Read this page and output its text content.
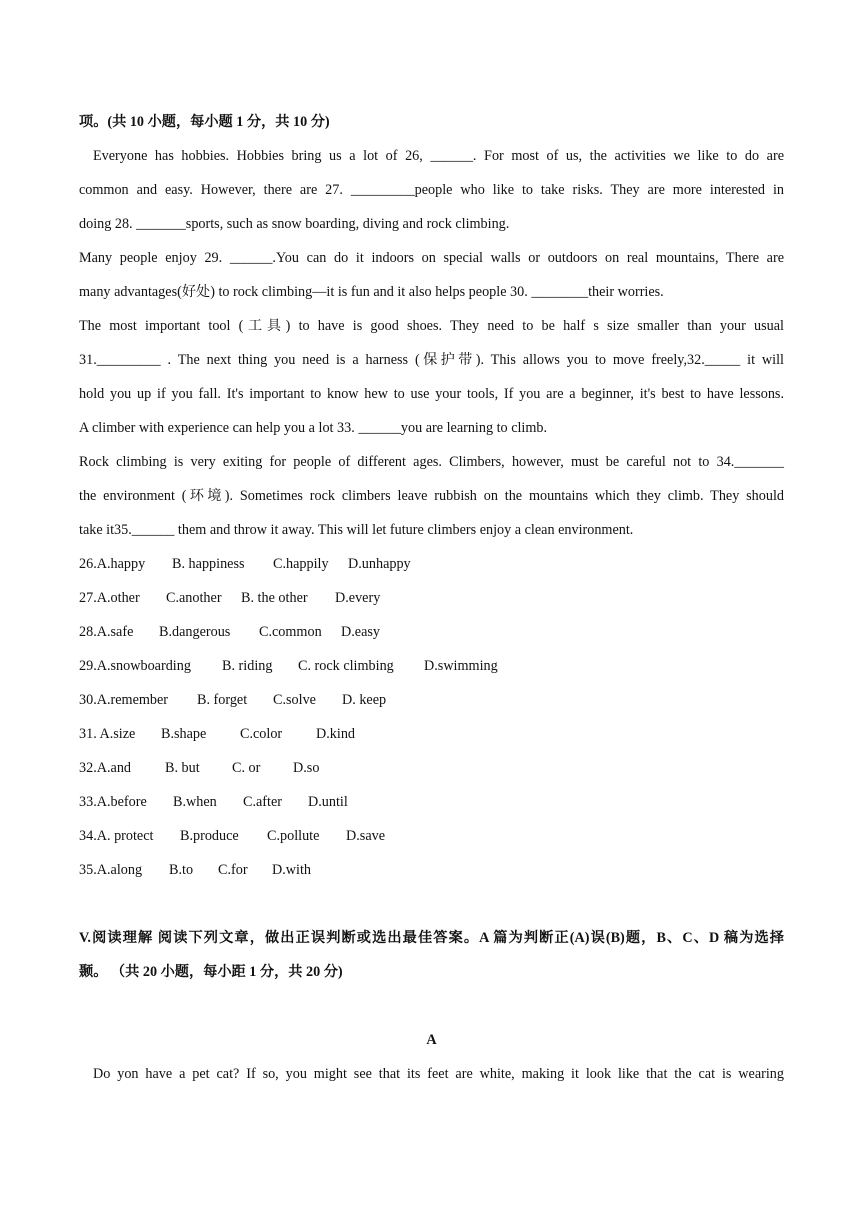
项。(共 10 小题，每小题 1 分，共 10 分)
Everyone has hobbies. Hobbies bring us a lot of 26, ______. For most of us, the activities we like to do are
common and easy. However, there are 27. _________people who like to take risks. They are more interested in
doing 28. _______sports, such as snow boarding, diving and rock climbing.
Many people enjoy 29. ______.You can do it indoors on special walls or outdoors on real mountains, There are
many advantages(好处) to rock climbing—it is fun and it also helps people 30. ________their worries.
The most important tool (工具) to have is good shoes. They need to be half s size smaller than your usual
31._________ . The next thing you need is a harness (保护带). This allows you to move freely,32._____ it will
hold you up if you fall. It's important to know hew to use your tools, If you are a beginner, it's best to have lessons.
A climber with experience can help you a lot 33. ______you are learning to climb.
Rock climbing is very exiting for people of different ages. Climbers, however, must be careful not to 34._______
the environment (环境). Sometimes rock climbers leave rubbish on the mountains which they climb. They should
take it35.______ them and throw it away. This will let future climbers enjoy a clean environment.
26.A.happy B. happiness C.happily D.unhappy
27.A.other C.another B. the other D.every
28.A.safe B.dangerous C.common D.easy
29.A.snowboarding B. riding C. rock climbing D.swimming
30.A.remember B. forget C.solve D. keep
31. A.size B.shape C.color D.kind
32.A.and B. but C. or D.so
33.A.before B.when C.after D.until
34.A. protect B.produce C.pollute D.save
35.A.along B.to C.for D.with
V.阅读理解 阅读下列文章，做出正误判断或选出最佳答案。A 篇为判断正(A)误(B)题，B、C、D 稿为选择
颞。 （共 20 小题，每小距 1 分，共 20 分)
A
Do yon have a pet cat? If so, you might see that its feet are white, making it look like that the cat is wearing
